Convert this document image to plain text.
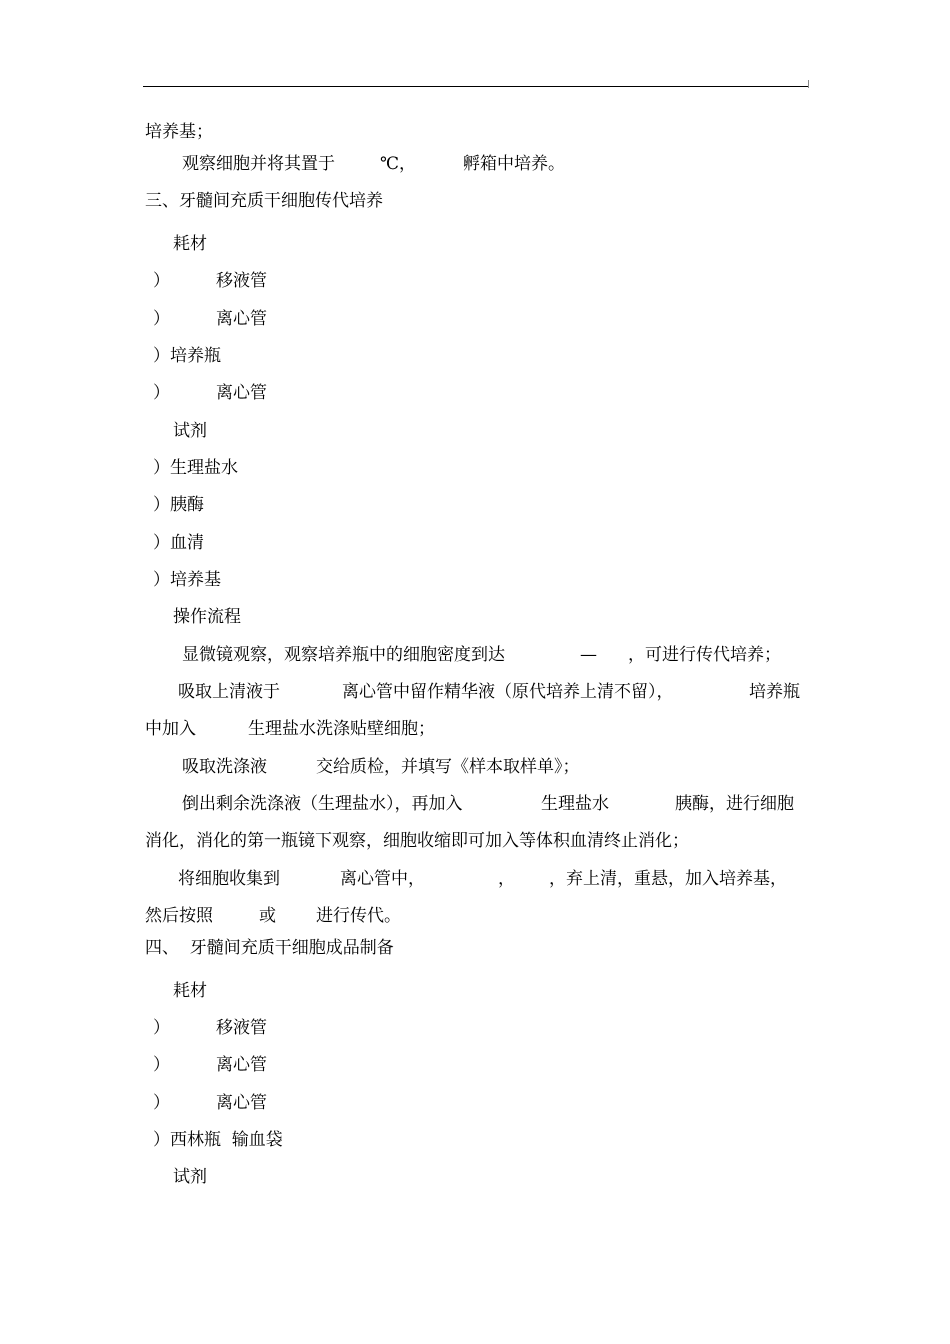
培养基；
观察细胞并将其置于	℃，	孵箱中培养。
三、牙髓间充质干细胞传代培养
耗材
）	移液管
）	离心管
）培养瓶
）	离心管
试剂
）生理盐水
）胰酶
）血清
）培养基
操作流程
显微镜观察，观察培养瓶中的细胞密度到达	— ，可进行传代培养；
吸取上清液于	离心管中留作精华液（原代培养上清不留），	培养瓶
中加入	生理盐水洗涤贴壁细胞；
吸取洗涤液	交给质检，并填写《样本取样单》；
倒出剩余洗涤液（生理盐水），再加入	生理盐水	胰酶，进行细胞
消化，消化的第一瓶镜下观察，细胞收缩即可加入等体积血清终止消化；
将细胞收集到	离心管中，	， ，弃上清，重悬，加入培养基，
然后按照	或 进行传代。
四、  牙髓间充质干细胞成品制备
耗材
）	移液管
）	离心管
）	离心管
）西林瓶  输血袋
试剂
